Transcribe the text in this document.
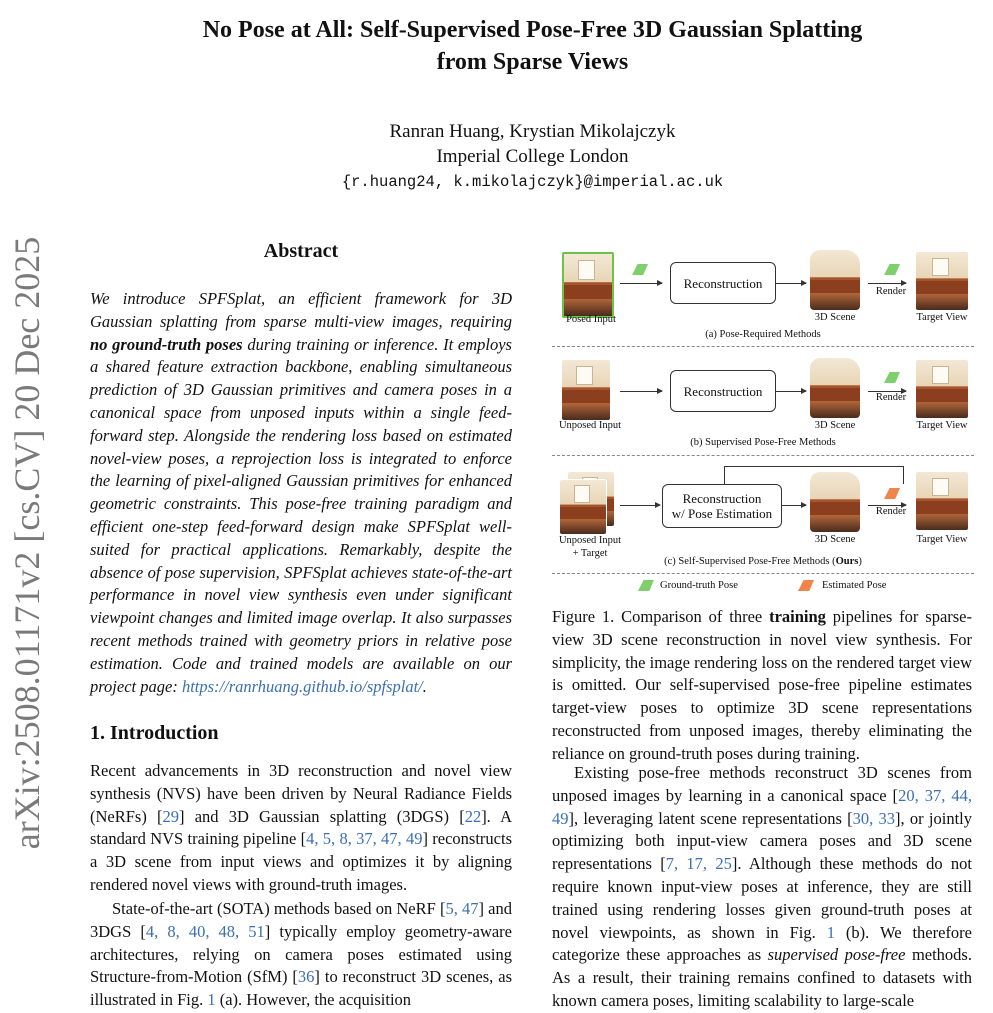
No Pose at All: Self-Supervised Pose-Free 3D Gaussian Splatting
from Sparse Views
Ranran Huang, Krystian Mikolajczyk
Imperial College London
{r.huang24, k.mikolajczyk}@imperial.ac.uk
arXiv:2508.01171v2 [cs.CV] 20 Dec 2025	Abstract
We introduce SPFSplat, an efficient framework for 3D Gaussian splatting from sparse multi-view images, requiring no ground-truth poses during training or inference. It employs a shared feature extraction backbone, enabling simultaneous prediction of 3D Gaussian primitives and camera poses in a canonical space from unposed inputs within a single feed-forward step. Alongside the rendering loss based on estimated novel-view poses, a reprojection loss is integrated to enforce the learning of pixel-aligned Gaussian primitives for enhanced geometric constraints. This pose-free training paradigm and efficient one-step feed-forward design make SPFSplat well-suited for practical applications. Remarkably, despite the absence of pose supervision, SPFSplat achieves state-of-the-art performance in novel view synthesis even under significant viewpoint changes and limited image overlap. It also surpasses recent methods trained with geometry priors in relative pose estimation. Code and trained models are available on our project page: https://ranrhuang.github.io/spfsplat/.
1. Introduction
Recent advancements in 3D reconstruction and novel view synthesis (NVS) have been driven by Neural Radiance Fields (NeRFs) [29] and 3D Gaussian splatting (3DGS) [22]. A standard NVS training pipeline [4, 5, 8, 37, 47, 49] reconstructs a 3D scene from input views and optimizes it by aligning rendered novel views with ground-truth images.
State-of-the-art (SOTA) methods based on NeRF [5, 47] and 3DGS [4, 8, 40, 48, 51] typically employ geometry-aware architectures, relying on camera poses estimated using Structure-from-Motion (SfM) [36] to reconstruct 3D scenes, as illustrated in Fig. 1 (a). However, the acquisition
Reconstruction
Posed Input	3D Scene
Render
Target View
(a) Pose-Required Methods
Reconstruction
Unposed Input	3D Scene
Render
Target View
(b) Supervised Pose-Free Methods
Reconstruction
w/ Pose Estimation
Unposed Input
+ Target
3D Scene
Render
Target View
(c) Self-Supervised Pose-Free Methods (Ours)
Ground-truth Pose	Estimated Pose
Figure 1. Comparison of three training pipelines for sparse-view 3D scene reconstruction in novel view synthesis. For simplicity, the image rendering loss on the rendered target view is omitted. Our self-supervised pose-free pipeline estimates target-view poses to optimize 3D scene representations reconstructed from unposed images, thereby eliminating the reliance on ground-truth poses during training.
Existing pose-free methods reconstruct 3D scenes from unposed images by learning in a canonical space [20, 37, 44, 49], leveraging latent scene representations [30, 33], or jointly optimizing both input-view camera poses and 3D scene representations [7, 17, 25]. Although these methods do not require known input-view poses at inference, they are still trained using rendering losses given ground-truth poses at novel viewpoints, as shown in Fig. 1 (b). We therefore categorize these approaches as supervised pose-free methods. As a result, their training remains confined to datasets with known camera poses, limiting scalability to large-scale
